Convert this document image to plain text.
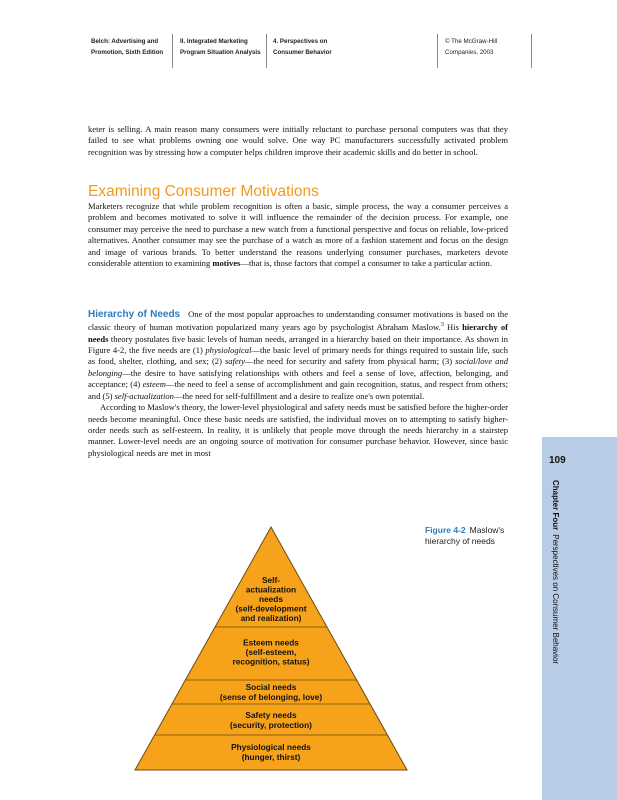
Belch: Advertising and
Promotion, Sixth Edition
II. Integrated Marketing
Program Situation Analysis
4. Perspectives on
Consumer Behavior
© The McGraw-Hill
Companies, 2003

keter is selling. A main reason many consumers were initially reluctant to purchase personal computers was that they failed to see what problems owning one would solve. One way PC manufacturers successfully activated problem recognition was by stressing how a computer helps children improve their academic skills and do better in school.

Examining Consumer Motivations

Marketers recognize that while problem recognition is often a basic, simple process, the way a consumer perceives a problem and becomes motivated to solve it will influence the remainder of the decision process. For example, one consumer may perceive the need to purchase a new watch from a functional perspective and focus on reliable, low-priced alternatives. Another consumer may see the purchase of a watch as more of a fashion statement and focus on the design and image of various brands. To better understand the reasons underlying consumer purchases, marketers devote considerable attention to examining motives—that is, those factors that compel a consumer to take a particular action.

Hierarchy of Needs One of the most popular approaches to understanding consumer motivations is based on the classic theory of human motivation popularized many years ago by psychologist Abraham Maslow.$^3$ His hierarchy of needs theory postulates five basic levels of human needs, arranged in a hierarchy based on their importance. As shown in Figure 4-2, the five needs are (1) physiological—the basic level of primary needs for things required to sustain life, such as food, shelter, clothing, and sex; (2) safety—the need for security and safety from physical harm; (3) social/love and belonging—the desire to have satisfying relationships with others and feel a sense of love, affection, belonging, and acceptance; (4) esteem—the need to feel a sense of accomplishment and gain recognition, status, and respect from others; and (5) self-actualization—the need for self-fulfillment and a desire to realize one's own potential.

According to Maslow's theory, the lower-level physiological and safety needs must be satisfied before the higher-order needs become meaningful. Once these basic needs are satisfied, the individual moves on to attempting to satisfy higher-order needs such as self-esteem. In reality, it is unlikely that people move through the needs hierarchy in a stairstep manner. Lower-level needs are an ongoing source of motivation for consumer purchase behavior. However, since basic physiological needs are met in most

109
Chapter FourPerspectives on Consumer Behavior
Figure 4-2 Maslow's hierarchy of needs
Self-actualization needs (self-development and realization)
Esteem needs (self-esteem, recognition, status)
Social needs (sense of belonging, love)
Safety needs (security, protection)
Physiological needs (hunger, thirst)
